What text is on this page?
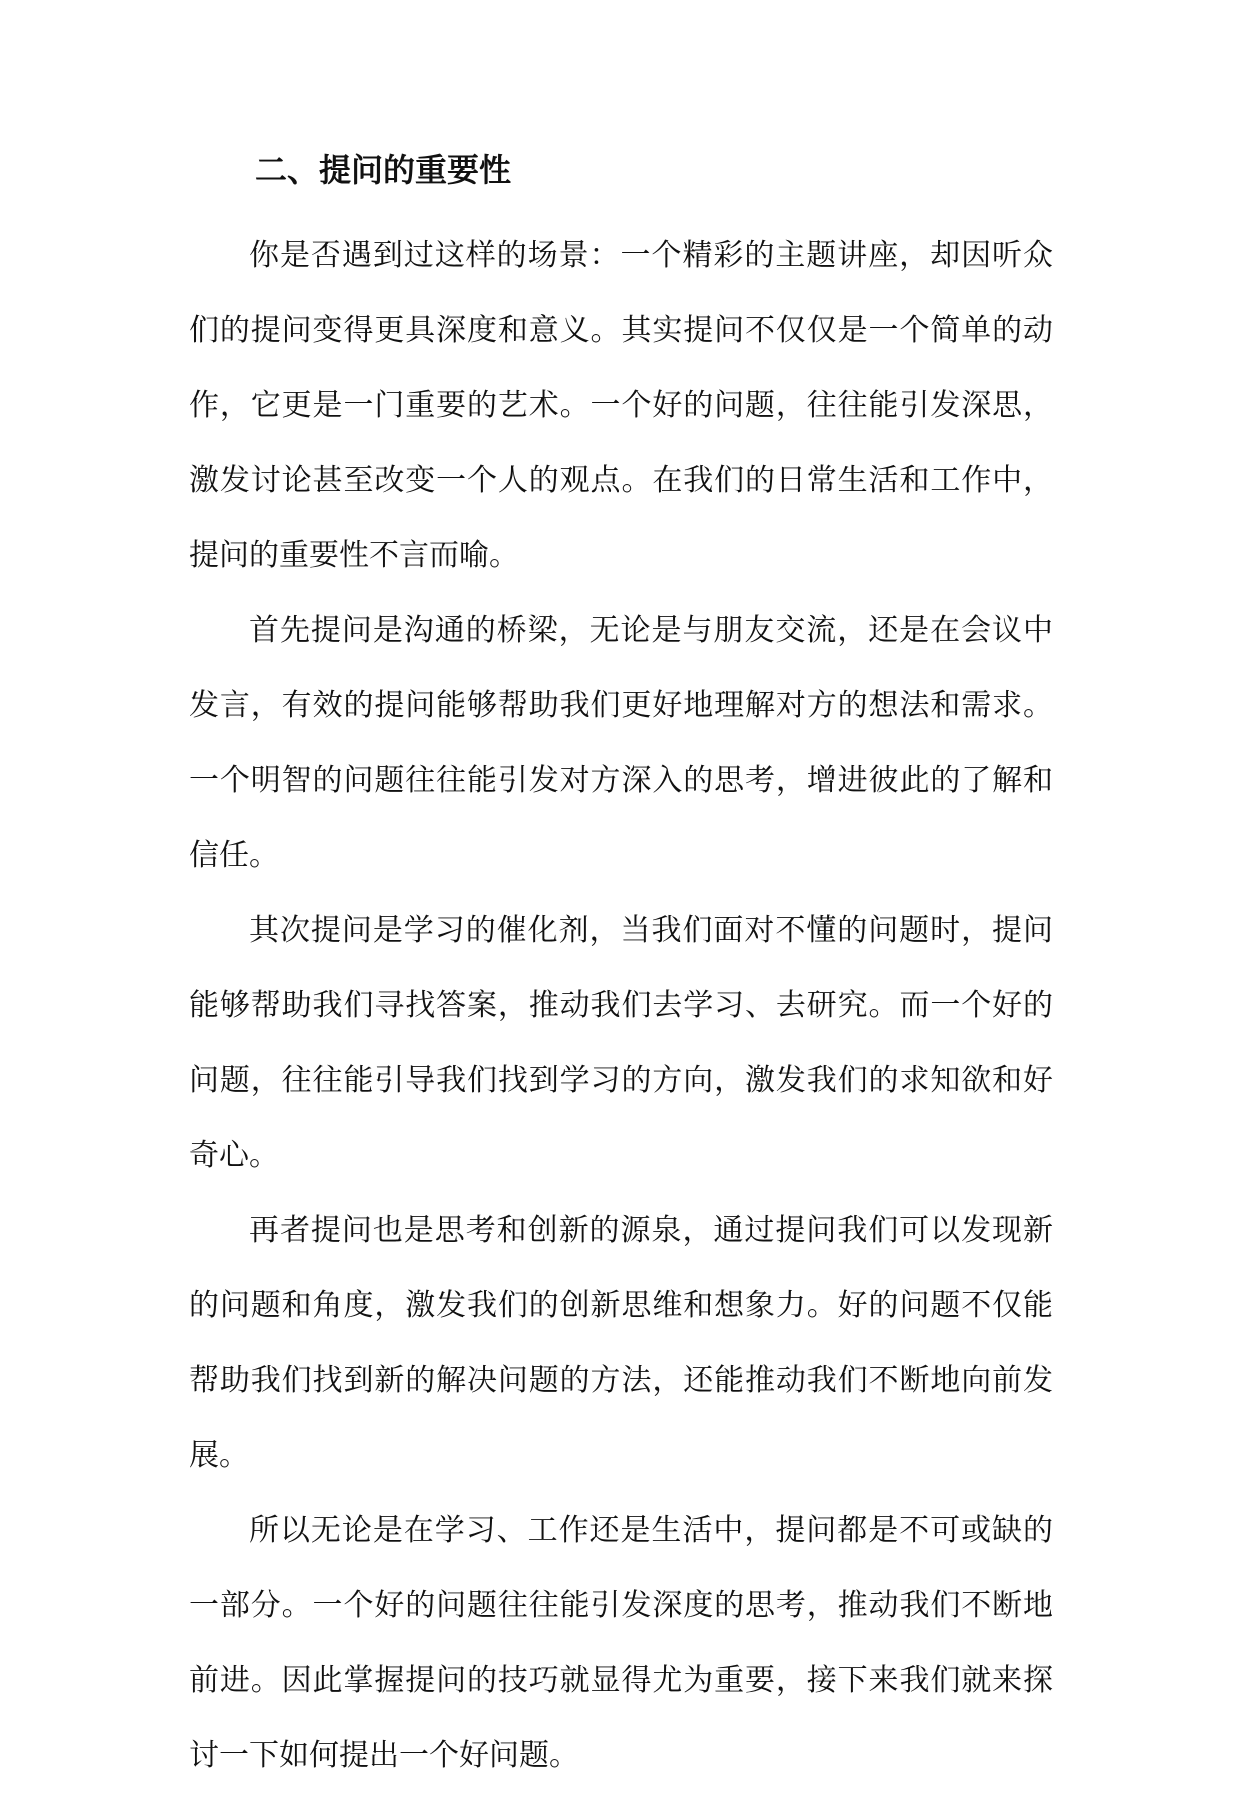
二、提问的重要性

你是否遇到过这样的场景：一个精彩的主题讲座，却因听众们的提问变得更具深度和意义。其实提问不仅仅是一个简单的动作，它更是一门重要的艺术。一个好的问题，往往能引发深思，激发讨论甚至改变一个人的观点。在我们的日常生活和工作中，提问的重要性不言而喻。

首先提问是沟通的桥梁，无论是与朋友交流，还是在会议中发言，有效的提问能够帮助我们更好地理解对方的想法和需求。一个明智的问题往往能引发对方深入的思考，增进彼此的了解和信任。

其次提问是学习的催化剂，当我们面对不懂的问题时，提问能够帮助我们寻找答案，推动我们去学习、去研究。而一个好的问题，往往能引导我们找到学习的方向，激发我们的求知欲和好奇心。

再者提问也是思考和创新的源泉，通过提问我们可以发现新的问题和角度，激发我们的创新思维和想象力。好的问题不仅能帮助我们找到新的解决问题的方法，还能推动我们不断地向前发展。

所以无论是在学习、工作还是生活中，提问都是不可或缺的一部分。一个好的问题往往能引发深度的思考，推动我们不断地前进。因此掌握提问的技巧就显得尤为重要，接下来我们就来探讨一下如何提出一个好问题。
